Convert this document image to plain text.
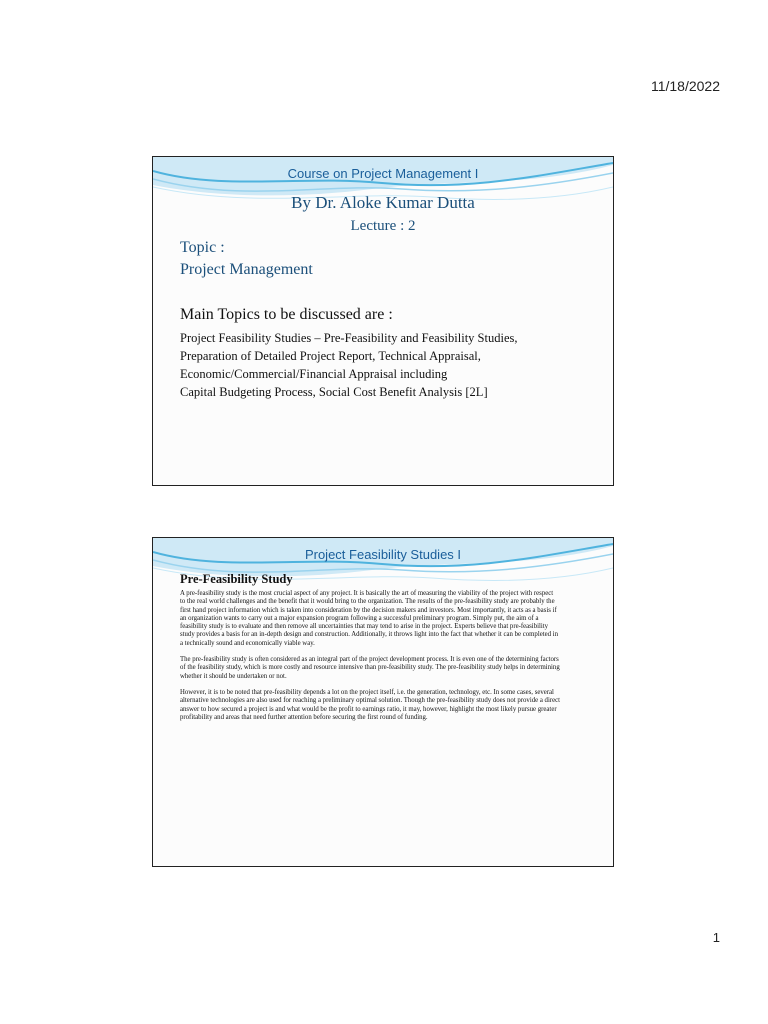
11/18/2022
Course on Project Management I
By Dr. Aloke Kumar Dutta
Lecture : 2
Topic :
Project Management
Main Topics to be discussed are :
Project Feasibility Studies – Pre-Feasibility and Feasibility Studies,
Preparation of Detailed Project Report, Technical Appraisal,
Economic/Commercial/Financial Appraisal including
Capital Budgeting Process, Social Cost Benefit Analysis [2L]
Project Feasibility Studies I
Pre-Feasibility Study

A pre-feasibility study is the most crucial aspect of any project. It is basically the art of measuring the viability of the project with respect to the real world challenges and the benefit that it would bring to the organization. The results of the pre-feasibility study are probably the first hand project information which is taken into consideration by the decision makers and investors. Most importantly, it acts as a basis if an organization wants to carry out a major expansion program following a successful preliminary program. Simply put, the aim of a feasibility study is to evaluate and then remove all uncertainties that may tend to arise in the project. Experts believe that pre-feasibility study provides a basis for an in-depth design and construction. Additionally, it throws light into the fact that whether it can be completed in a technically sound and economically viable way.

The pre-feasibility study is often considered as an integral part of the project development process. It is even one of the determining factors of the feasibility study, which is more costly and resource intensive than pre-feasibility study. The pre-feasibility study helps in determining whether it should be undertaken or not.

However, it is to be noted that pre-feasibility depends a lot on the project itself, i.e. the generation, technology, etc. In some cases, several alternative technologies are also used for reaching a preliminary optimal solution. Though the pre-feasibility study does not provide a direct answer to how secured a project is and what would be the profit to earnings ratio, it may, however, highlight the most likely pursue greater profitability and areas that need further attention before securing the first round of funding.

1
